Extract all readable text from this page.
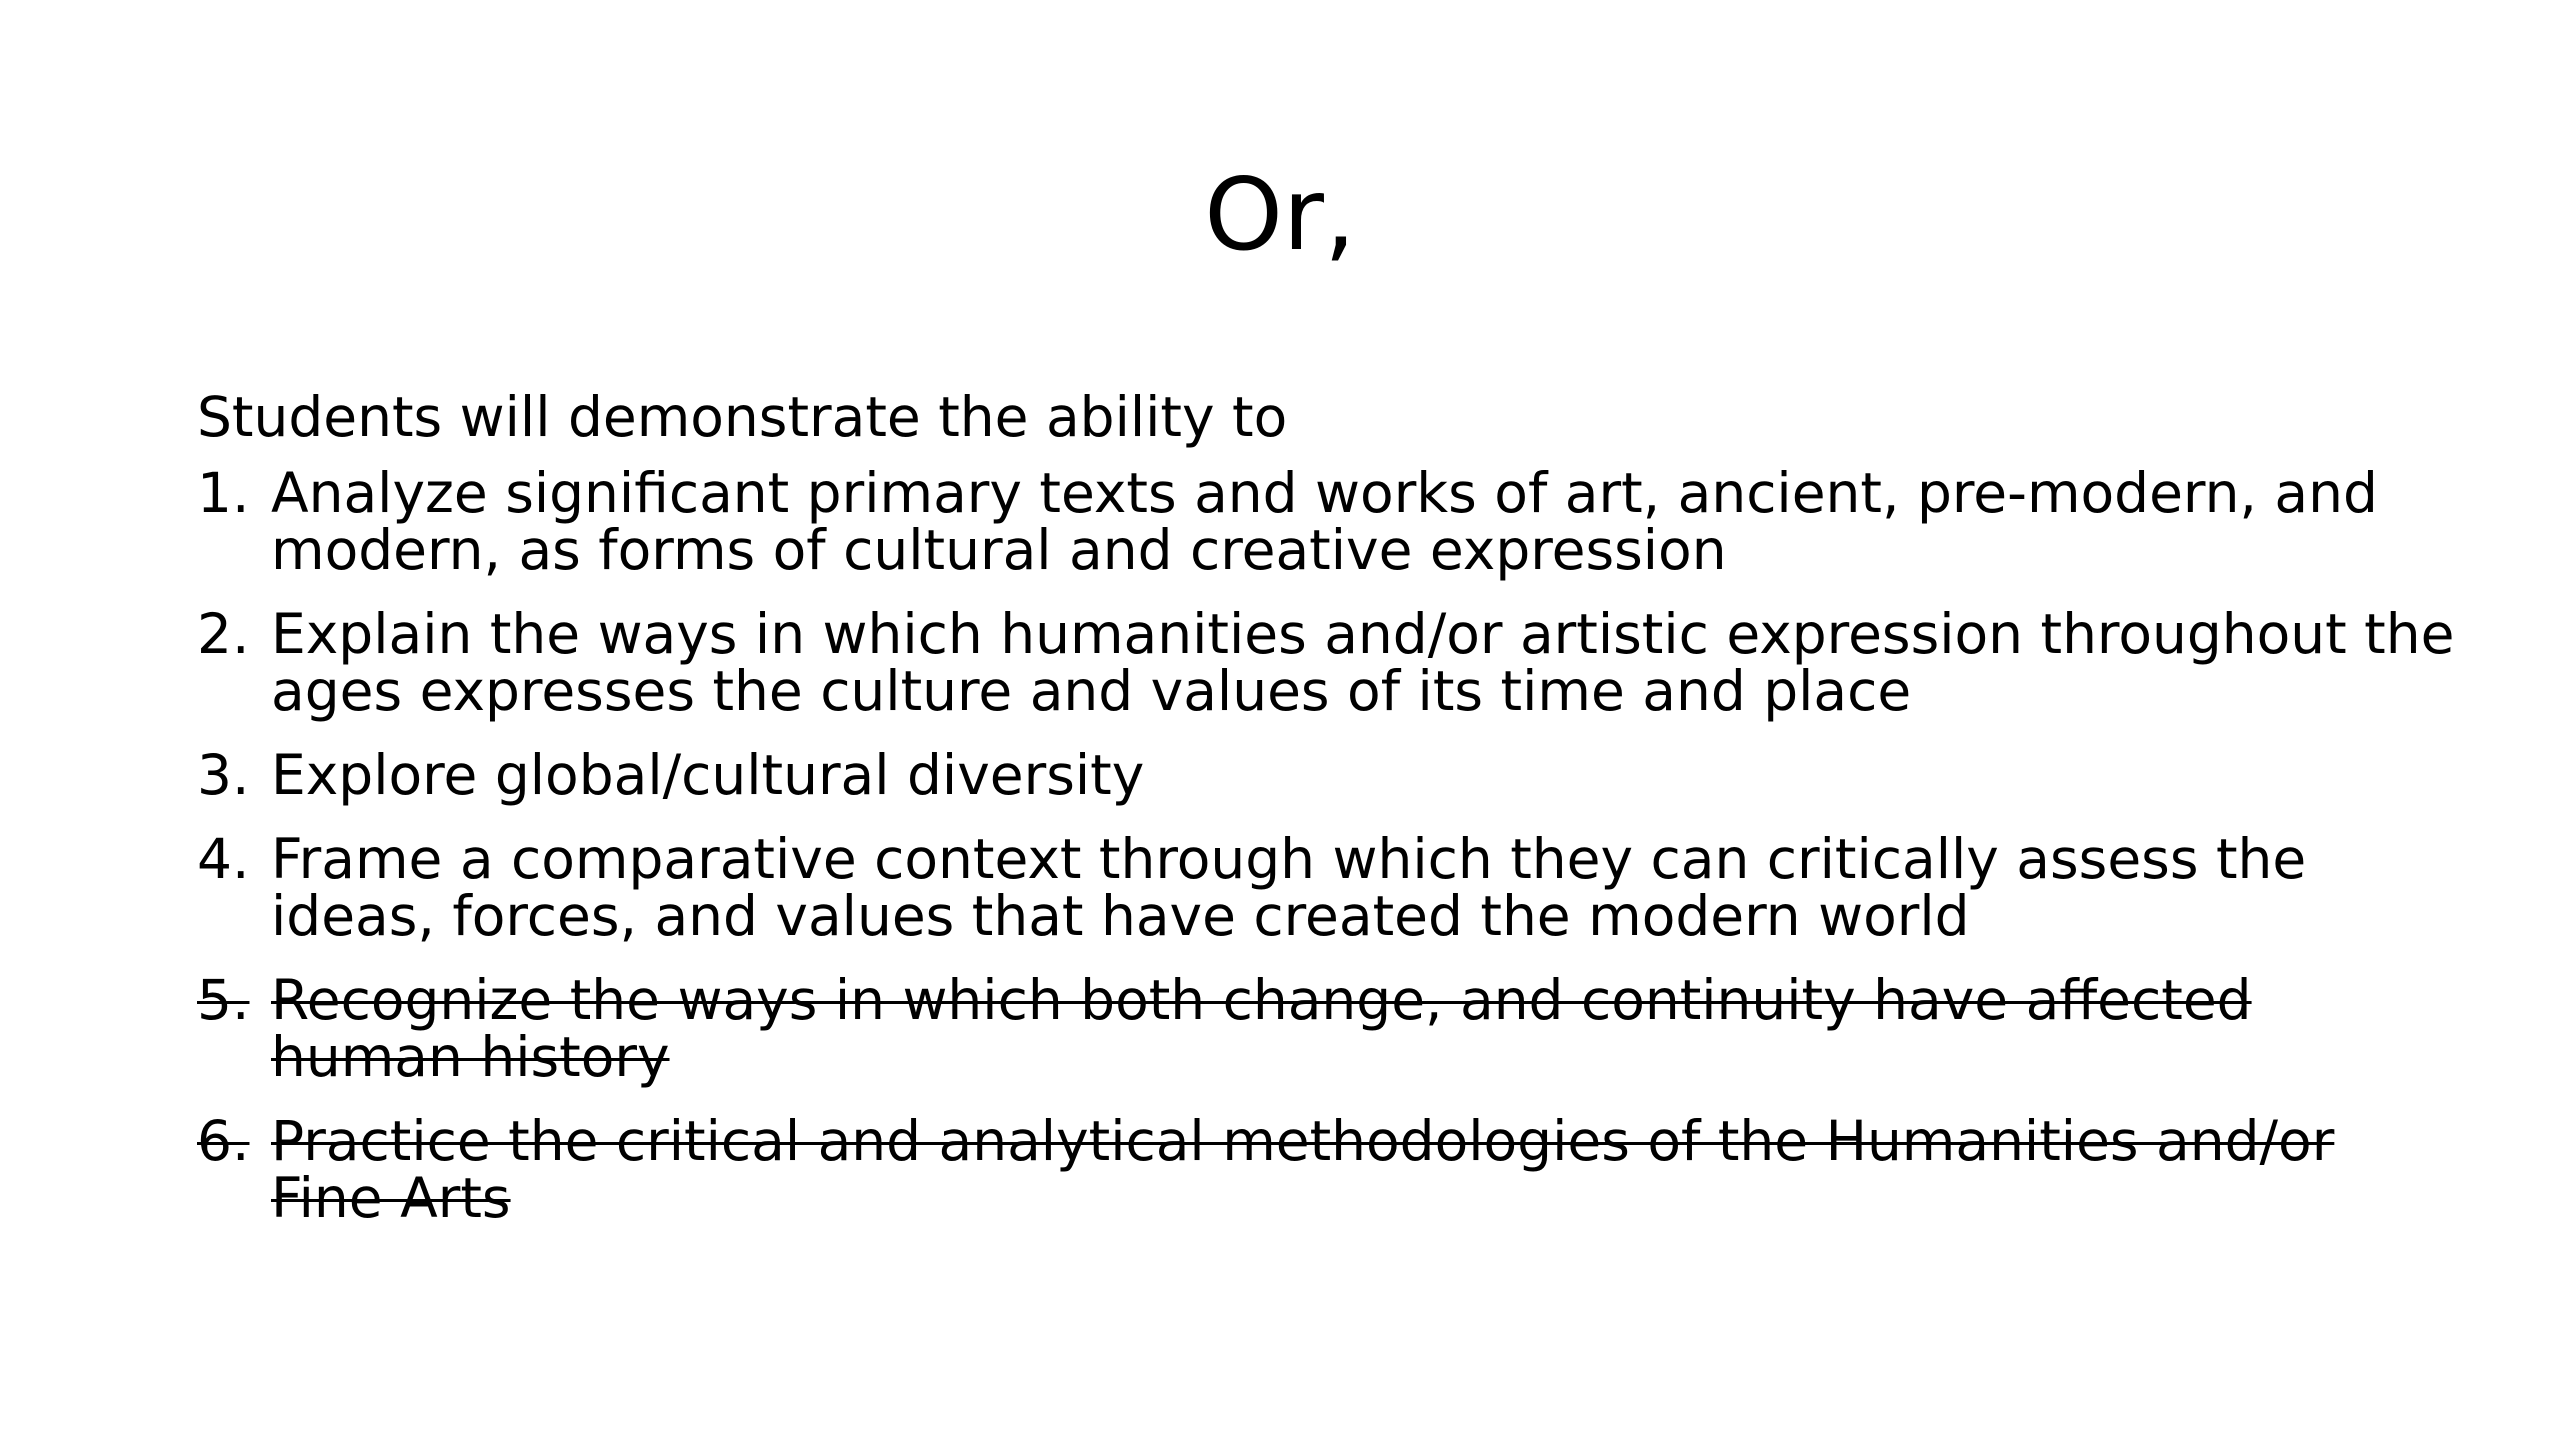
Or,

Students will demonstrate the ability to

1. Analyze significant primary texts and works of art, ancient, pre-modern, and modern, as forms of cultural and creative expression
2. Explain the ways in which humanities and/or artistic expression throughout the ages expresses the culture and values of its time and place
3. Explore global/cultural diversity
4. Frame a comparative context through which they can critically assess the ideas, forces, and values that have created the modern world
5. Recognize the ways in which both change, and continuity have affected human history
6. Practice the critical and analytical methodologies of the Humanities and/or Fine Arts
